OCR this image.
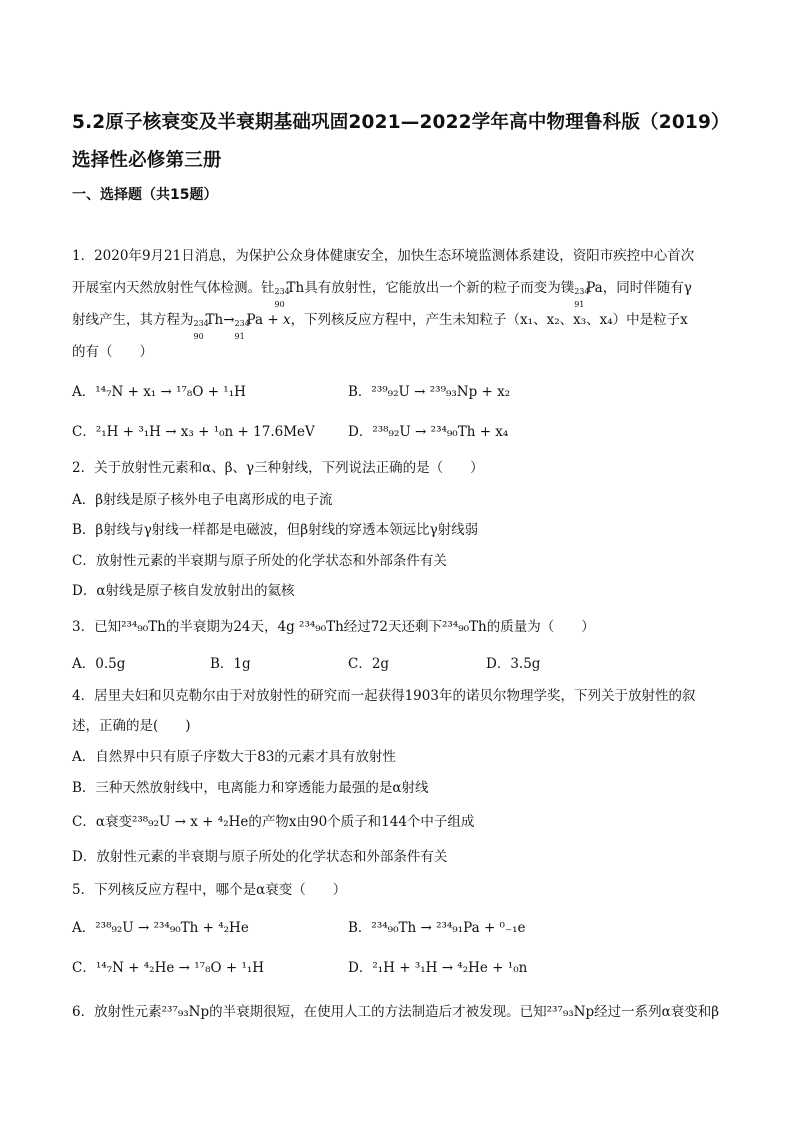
5.2原子核衰变及半衰期基础巩固2021—2022学年高中物理鲁科版（2019）选择性必修第三册
一、选择题（共15题）
1．2020年9月21日消息，为保护公众身体健康安全，加快生态环境监测体系建设，资阳市疾控中心首次
开展室内天然放射性气体检测。钍 234
90
Th具有放射性，它能放出一个新的粒子而变为镤 234
91
Pa，同时伴随有γ
射线产生，其方程为 234
90
Th→ 234
91
Pa + x，下列核反应方程中，产生未知粒子（x₁、x₂、x₃、x₄）中是粒子x
的有（　　）
A．¹⁴₇N + x₁ → ¹⁷₈O + ¹₁H	B．²³⁹₉₂U → ²³⁹₉₃Np + x₂
C．²₁H + ³₁H → x₃ + ¹₀n + 17.6MeV D．²³⁸₉₂U → ²³⁴₉₀Th + x₄
2．关于放射性元素和α、β、γ三种射线，下列说法正确的是（　　）
A．β射线是原子核外电子电离形成的电子流
B．β射线与γ射线一样都是电磁波，但β射线的穿透本领远比γ射线弱
C．放射性元素的半衰期与原子所处的化学状态和外部条件有关
D．α射线是原子核自发放射出的氦核
3．已知²³⁴₉₀Th的半衰期为24天，4g ²³⁴₉₀Th经过72天还剩下²³⁴₉₀Th的质量为（　　）
A．0.5g	B．1g	C．2g	D．3.5g
4．居里夫妇和贝克勒尔由于对放射性的研究而一起获得1903年的诺贝尔物理学奖，下列关于放射性的叙
述，正确的是(　　)
A．自然界中只有原子序数大于83的元素才具有放射性
B．三种天然放射线中，电离能力和穿透能力最强的是α射线
C．α衰变²³⁸₉₂U → x + ⁴₂He的产物x由90个质子和144个中子组成
D．放射性元素的半衰期与原子所处的化学状态和外部条件有关
5．下列核反应方程中，哪个是α衰变（　　）
A．²³⁸₉₂U → ²³⁴₉₀Th + ⁴₂He	B．²³⁴₉₀Th → ²³⁴₉₁Pa + ⁰₋₁e
C．¹⁴₇N + ⁴₂He → ¹⁷₈O + ¹₁H	D．²₁H + ³₁H → ⁴₂He + ¹₀n
6．放射性元素²³⁷₉₃Np的半衰期很短，在使用人工的方法制造后才被发现。已知²³⁷₉₃Np经过一系列α衰变和β
